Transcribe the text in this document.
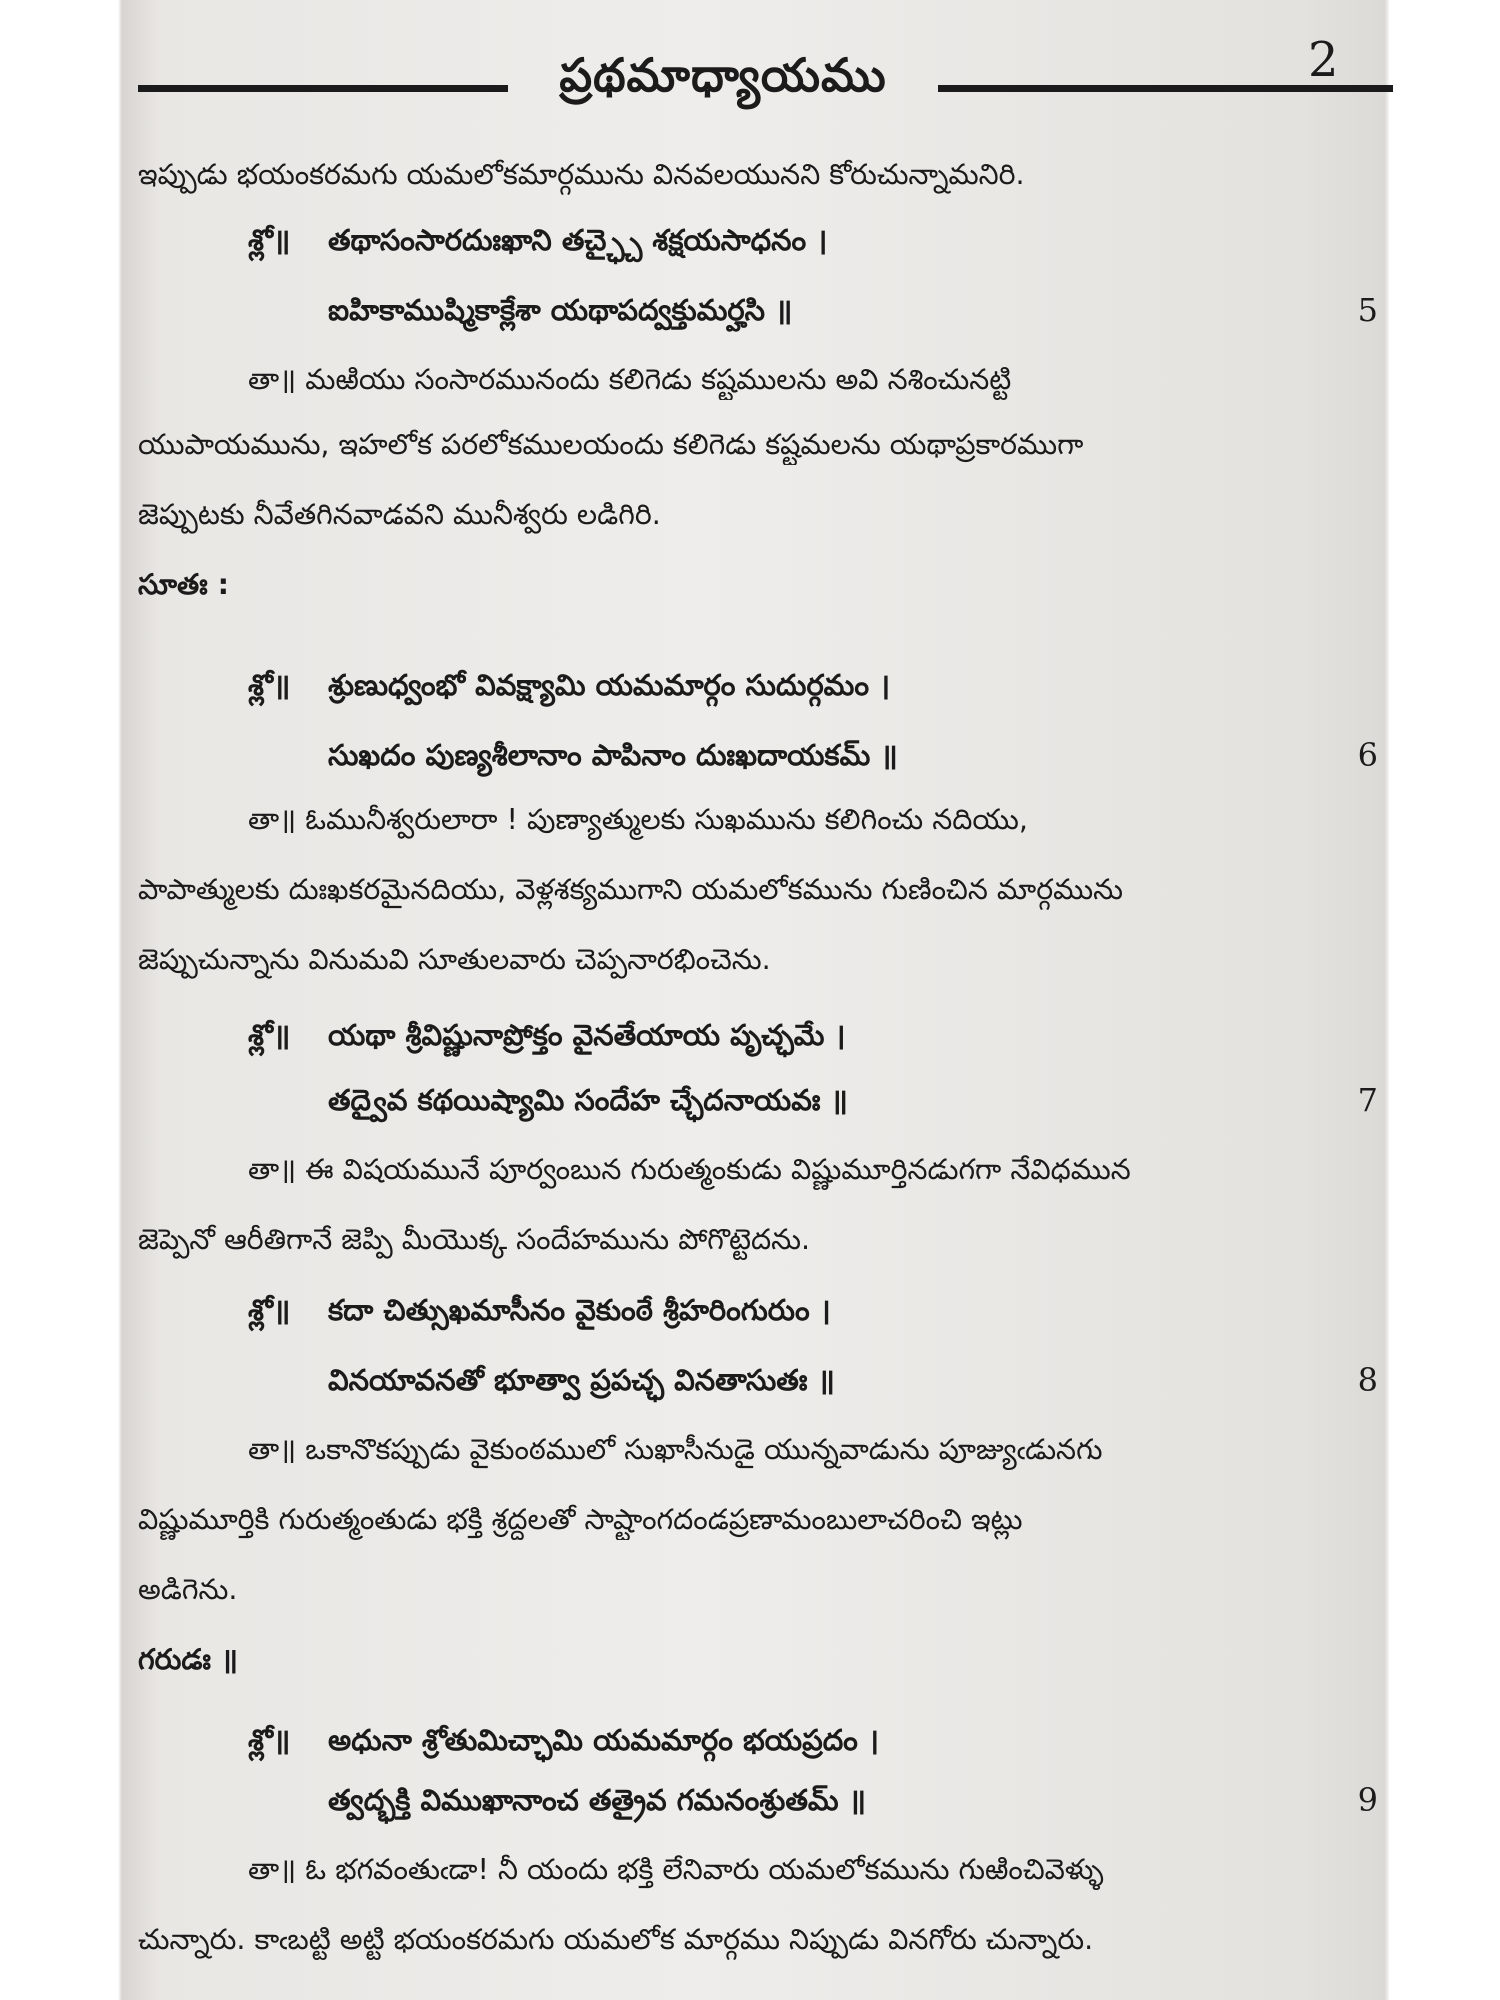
ప్రథమాధ్యాయము	2
ఇప్పుడు భయంకరమగు యమలోకమార్గమును వినవలయునని కోరుచున్నామనిరి.
శ్లో॥ తథాసంసారదుఃఖాని తచ్ఛ్చై శక్షయసాధనం ।
ఐహికాముష్మికాక్లేశా యథాపద్వక్తుమర్హసి ॥	5
తా॥ మఱియు సంసారమునందు కలిగెడు కష్టములను అవి నశించునట్టి
యుపాయమును, ఇహలోక పరలోకములయందు కలిగెడు కష్టమలను యథాప్రకారముగా
జెప్పుటకు నీవేతగినవాడవని మునీశ్వరు లడిగిరి.
సూతః :
శ్లో॥ శ్రుణుధ్వంభో వివక్ష్యామి యమమార్గం సుదుర్గమం ।
సుఖదం పుణ్యశీలానాం పాపినాం దుఃఖదాయకమ్ ॥	6
తా॥ ఓమునీశ్వరులారా ! పుణ్యాత్ములకు సుఖమును కలిగించు నదియు,
పాపాత్ములకు దుఃఖకరమైనదియు, వెళ్లశక్యముగాని యమలోకమును గుణించిన మార్గమును
జెప్పుచున్నాను వినుమవి సూతులవారు చెప్పనారభించెను.
శ్లో॥ యథా శ్రీవిష్ణునాప్రోక్తం వైనతేయాయ పృచ్ఛమే ।
తద్వైవ కథయిష్యామి సందేహ చ్ఛేదనాయవః ॥	7
తా॥ ఈ విషయమునే పూర్వంబున గురుత్మంకుడు విష్ణుమూర్తినడుగగా నేవిధమున
జెప్పెనో ఆరీతిగానే జెప్పి మీయొక్క సందేహమును పోగొట్టెదను.
శ్లో॥ కదా చిత్సుఖమాసీనం వైకుంఠే శ్రీహరింగురుం ।
వినయావనతో భూత్వా ప్రపచ్ఛ వినతాసుతః ॥	8
తా॥ ఒకానొకప్పుడు వైకుంఠములో సుఖాసీనుడై యున్నవాడును పూజ్యుఁడునగు
విష్ణుమూర్తికి గురుత్మంతుడు భక్తి శ్రద్ధలతో సాష్టాంగదండప్రణామంబులాచరించి ఇట్లు
అడిగెను.
గరుడః ॥
శ్లో॥ అధునా శ్రోతుమిచ్ఛామి యమమార్గం భయప్రదం ।
త్వద్భక్తి విముఖానాంచ తత్రైవ గమనంశ్రుతమ్ ॥	9
తా॥ ఓ భగవంతుఁడా! నీ యందు భక్తి లేనివారు యమలోకమును గుఱించివెళ్ళు
చున్నారు. కాఁబట్టి అట్టి భయంకరమగు యమలోక మార్గము నిప్పుడు వినగోరు చున్నారు.
